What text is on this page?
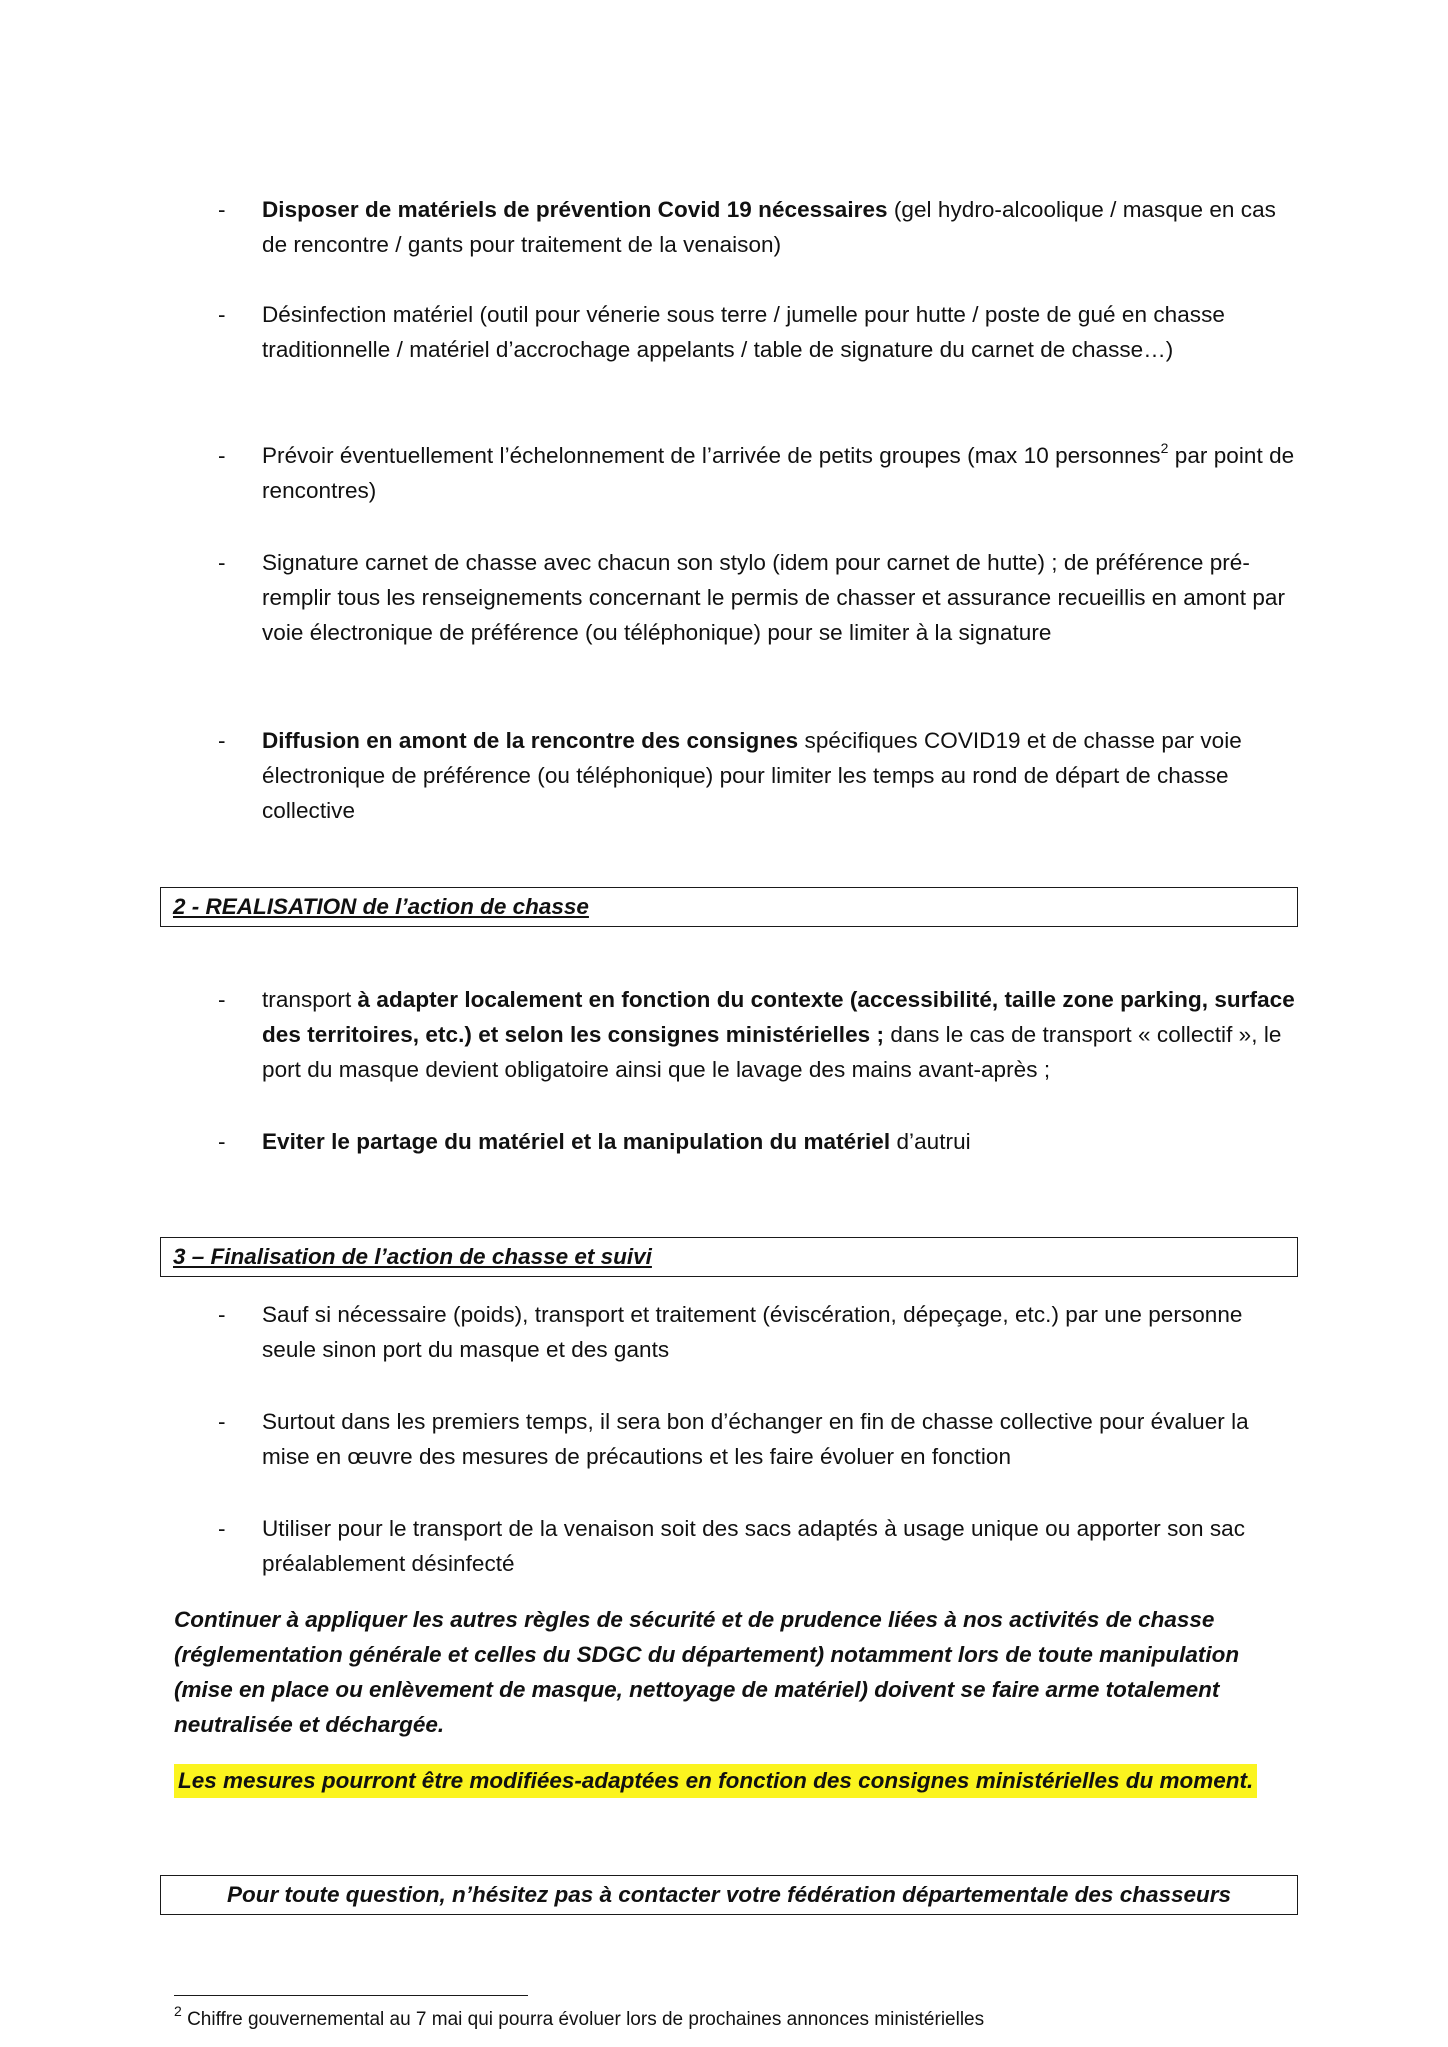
-	Disposer de matériels de prévention Covid 19 nécessaires (gel hydro-alcoolique / masque en cas de rencontre / gants pour traitement de la venaison)
-	Désinfection matériel (outil pour vénerie sous terre / jumelle pour hutte / poste de gué en chasse traditionnelle / matériel d’accrochage appelants / table de signature du carnet de chasse…)
-	Prévoir éventuellement l’échelonnement de l’arrivée de petits groupes (max 10 personnes$^2$ par point de rencontres)
-	Signature carnet de chasse avec chacun son stylo (idem pour carnet de hutte) ; de préférence pré-remplir tous les renseignements concernant le permis de chasser et assurance recueillis en amont par voie électronique de préférence (ou téléphonique) pour se limiter à la signature
-	Diffusion en amont de la rencontre des consignes spécifiques COVID19 et de chasse par voie électronique de préférence (ou téléphonique) pour limiter les temps au rond de départ de chasse collective
2 - REALISATION de l’action de chasse
-	transport à adapter localement en fonction du contexte (accessibilité, taille zone parking, surface des territoires, etc.) et selon les consignes ministérielles ; dans le cas de transport « collectif », le port du masque devient obligatoire ainsi que le lavage des mains avant-après ;
-	Eviter le partage du matériel et la manipulation du matériel d’autrui
3 – Finalisation de l’action de chasse et suivi
-	Sauf si nécessaire (poids), transport et traitement (éviscération, dépeçage, etc.) par une personne seule sinon port du masque et des gants
-	Surtout dans les premiers temps, il sera bon d’échanger en fin de chasse collective pour évaluer la mise en œuvre des mesures de précautions et les faire évoluer en fonction
-	Utiliser pour le transport de la venaison soit des sacs adaptés à usage unique ou apporter son sac préalablement désinfecté
Continuer à appliquer les autres règles de sécurité et de prudence liées à nos activités de chasse (réglementation générale et celles du SDGC du département) notamment lors de toute manipulation (mise en place ou enlèvement de masque, nettoyage de matériel) doivent se faire arme totalement neutralisée et déchargée.
Les mesures pourront être modifiées-adaptées en fonction des consignes ministérielles du moment.
Pour toute question, n’hésitez pas à contacter votre fédération départementale des chasseurs
$^2$ Chiffre gouvernemental au 7 mai qui pourra évoluer lors de prochaines annonces ministérielles
